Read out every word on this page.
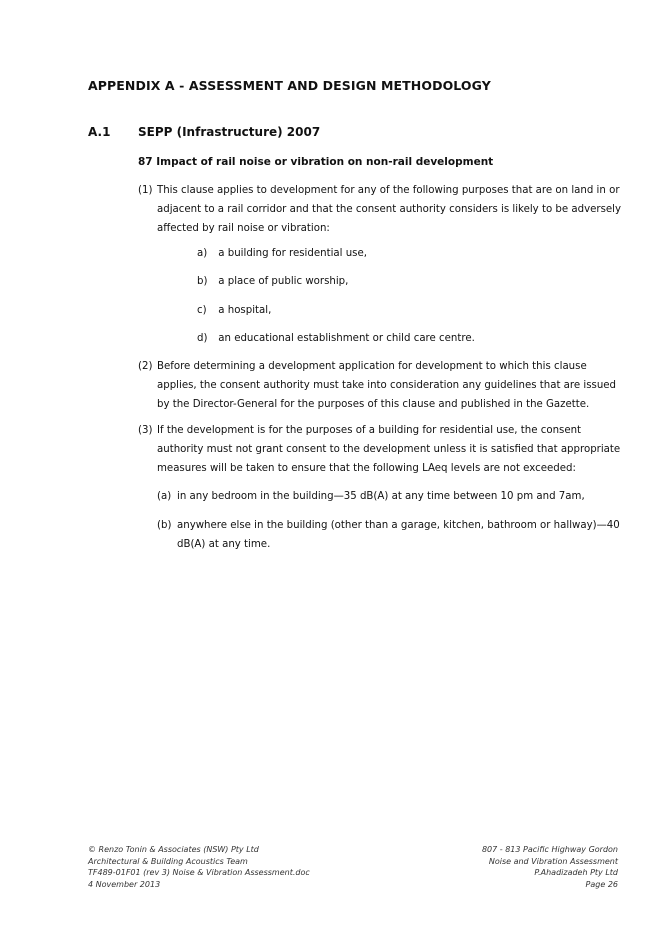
APPENDIX A - ASSESSMENT AND DESIGN METHODOLOGY
A.1 SEPP (Infrastructure) 2007
87 Impact of rail noise or vibration on non-rail development
(1) This clause applies to development for any of the following purposes that are on land in or adjacent to a rail corridor and that the consent authority considers is likely to be adversely affected by rail noise or vibration:
a) a building for residential use,
b) a place of public worship,
c) a hospital,
d) an educational establishment or child care centre.
(2) Before determining a development application for development to which this clause applies, the consent authority must take into consideration any guidelines that are issued by the Director-General for the purposes of this clause and published in the Gazette.
(3) If the development is for the purposes of a building for residential use, the consent authority must not grant consent to the development unless it is satisfied that appropriate measures will be taken to ensure that the following LAeq levels are not exceeded:
(a) in any bedroom in the building—35 dB(A) at any time between 10 pm and 7am,
(b) anywhere else in the building (other than a garage, kitchen, bathroom or hallway)—40 dB(A) at any time.
© Renzo Tonin & Associates (NSW) Pty Ltd
Architectural & Building Acoustics Team
TF489-01F01 (rev 3) Noise & Vibration Assessment.doc
4 November 2013
807 - 813 Pacific Highway Gordon
Noise and Vibration Assessment
P.Ahadizadeh Pty Ltd
Page 26
